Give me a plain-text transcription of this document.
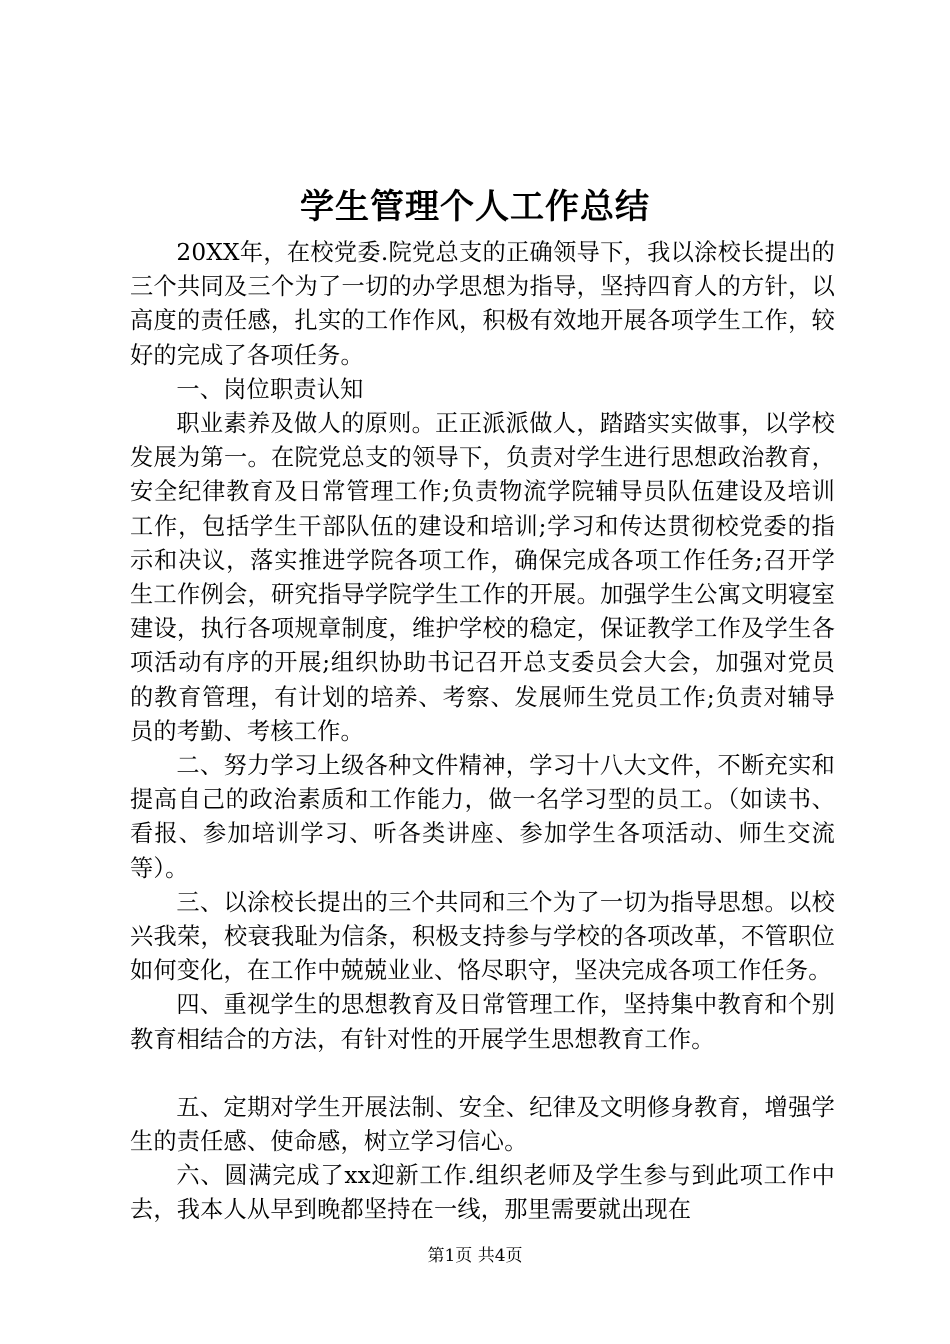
学生管理个人工作总结

20XX年，在校党委.院党总支的正确领导下，我以涂校长提出的三个共同及三个为了一切的办学思想为指导，坚持四育人的方针，以高度的责任感，扎实的工作作风，积极有效地开展各项学生工作，较好的完成了各项任务。

一、岗位职责认知

职业素养及做人的原则。正正派派做人，踏踏实实做事，以学校发展为第一。在院党总支的领导下，负责对学生进行思想政治教育，安全纪律教育及日常管理工作;负责物流学院辅导员队伍建设及培训工作，包括学生干部队伍的建设和培训;学习和传达贯彻校党委的指示和决议，落实推进学院各项工作，确保完成各项工作任务;召开学生工作例会，研究指导学院学生工作的开展。加强学生公寓文明寝室建设，执行各项规章制度，维护学校的稳定，保证教学工作及学生各项活动有序的开展;组织协助书记召开总支委员会大会，加强对党员的教育管理，有计划的培养、考察、发展师生党员工作;负责对辅导员的考勤、考核工作。

二、努力学习上级各种文件精神，学习十八大文件，不断充实和提高自己的政治素质和工作能力，做一名学习型的员工。（如读书、看报、参加培训学习、听各类讲座、参加学生各项活动、师生交流等）。

三、以涂校长提出的三个共同和三个为了一切为指导思想。以校兴我荣，校衰我耻为信条，积极支持参与学校的各项改革，不管职位如何变化，在工作中兢兢业业、恪尽职守，坚决完成各项工作任务。

四、重视学生的思想教育及日常管理工作，坚持集中教育和个别教育相结合的方法，有针对性的开展学生思想教育工作。

五、定期对学生开展法制、安全、纪律及文明修身教育，增强学生的责任感、使命感，树立学习信心。

六、圆满完成了xx迎新工作.组织老师及学生参与到此项工作中去，我本人从早到晚都坚持在一线，那里需要就出现在

第1页 共4页
